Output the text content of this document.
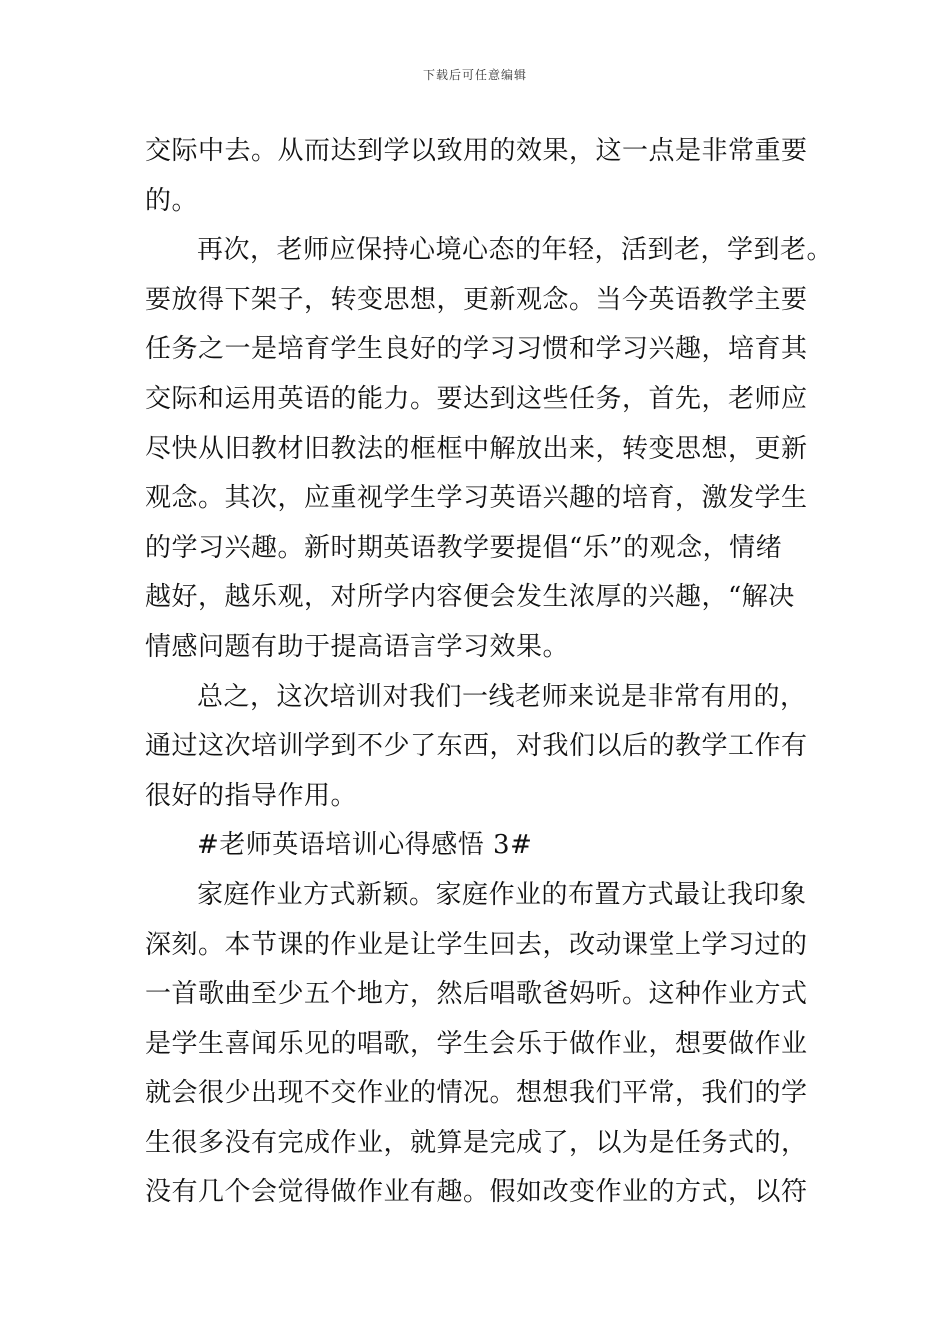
下载后可任意编辑
交际中去。从而达到学以致用的效果，这一点是非常重要
的。
再次，老师应保持心境心态的年轻，活到老，学到老。
要放得下架子，转变思想，更新观念。当今英语教学主要
任务之一是培育学生良好的学习习惯和学习兴趣，培育其
交际和运用英语的能力。要达到这些任务，首先，老师应
尽快从旧教材旧教法的框框中解放出来，转变思想，更新
观念。其次，应重视学生学习英语兴趣的培育，激发学生
的学习兴趣。新时期英语教学要提倡“乐”的观念，情绪
越好，越乐观，对所学内容便会发生浓厚的兴趣，“解决
情感问题有助于提高语言学习效果。
总之，这次培训对我们一线老师来说是非常有用的，
通过这次培训学到不少了东西，对我们以后的教学工作有
很好的指导作用。
#老师英语培训心得感悟 3#
家庭作业方式新颖。家庭作业的布置方式最让我印象
深刻。本节课的作业是让学生回去，改动课堂上学习过的
一首歌曲至少五个地方，然后唱歌爸妈听。这种作业方式
是学生喜闻乐见的唱歌，学生会乐于做作业，想要做作业
就会很少出现不交作业的情况。想想我们平常，我们的学
生很多没有完成作业，就算是完成了，以为是任务式的，
没有几个会觉得做作业有趣。假如改变作业的方式，以符
